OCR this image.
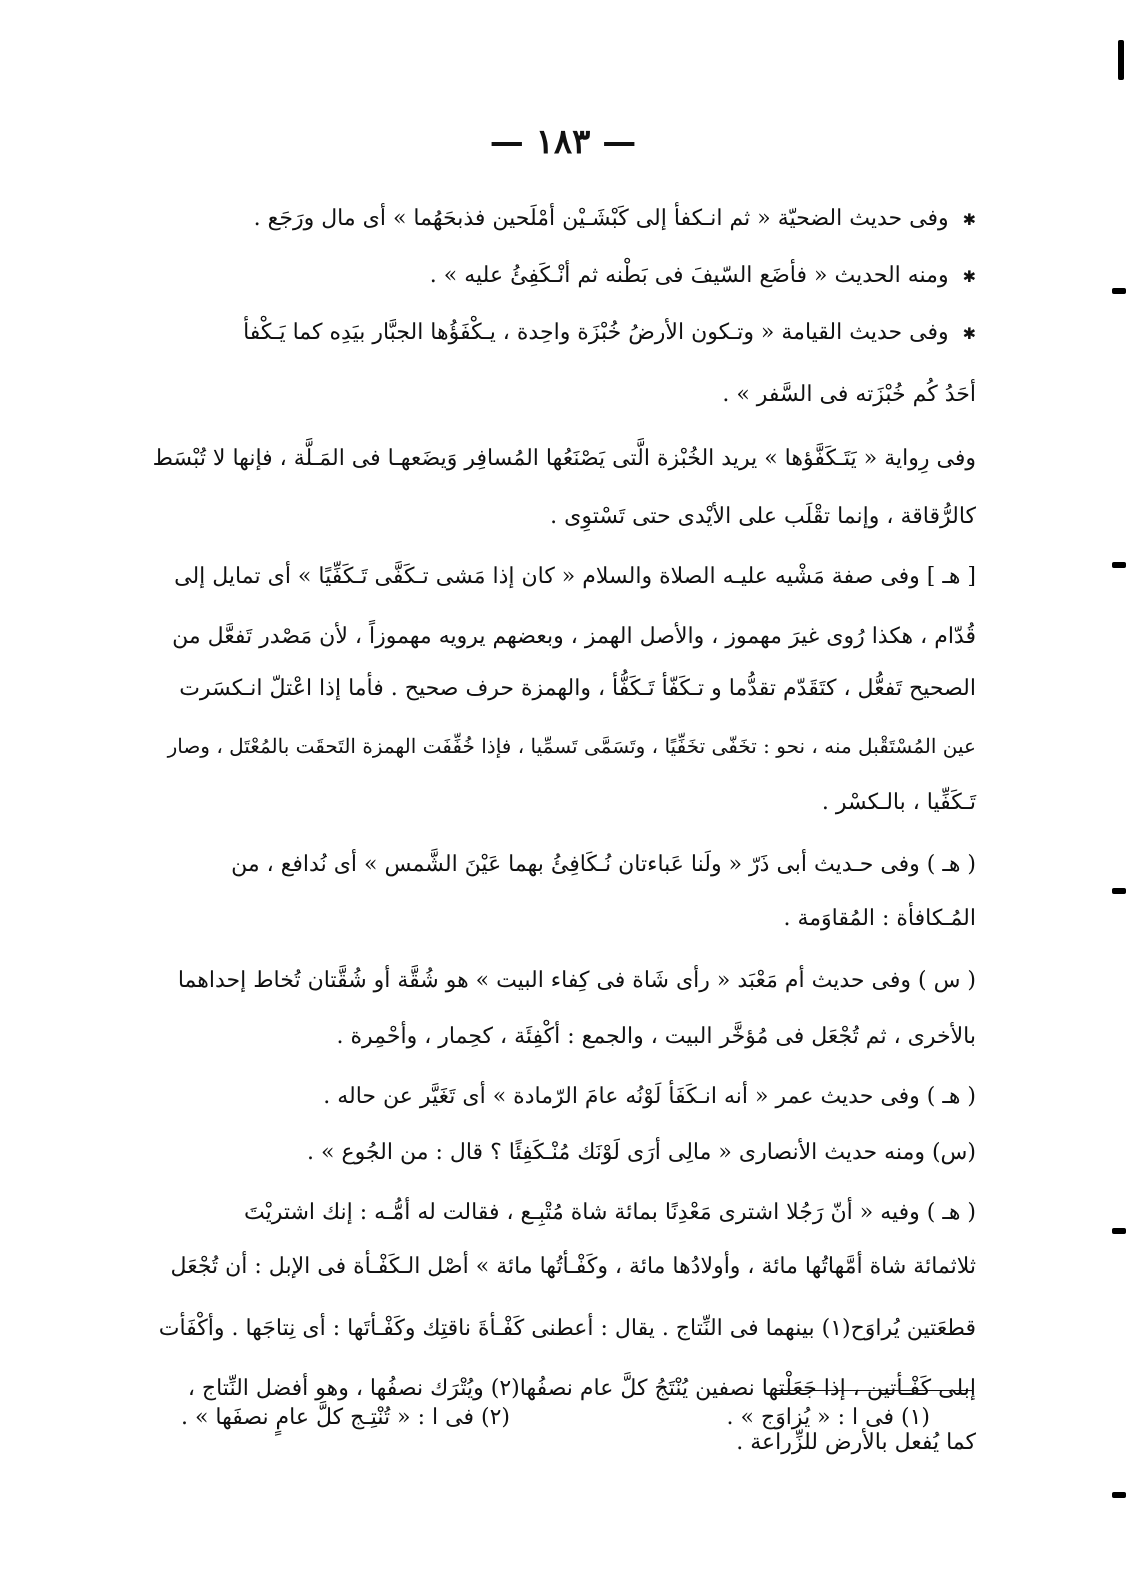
— ١٨٣ —
✱وفى حديث الضحيّة « ثم انـكفأ إلى كَبْشَـيْن أمْلَحين فذبحَهُما » أى مال ورَجَع .
✱ومنه الحديث « فأضَع السّيفَ فى بَطْنه ثم أنْـكَفِئُ عليه » .
✱وفى حديث القيامة « وتـكون الأرضُ خُبْزَة واحِدة ، يـكْفَؤُها الجبَّار بيَدِه كما يَـكْفأ
أحَدُ كُم خُبْزَته فى السَّفر » .
وفى رِواية « يَتَـكَفَّؤها » يريد الخُبْزة الَّتى يَصْنَعُها المُسافِر وَيضَعهـا فى المَـلَّة ، فإنها لا تُبْسَط
كالرُّقاقة ، وإنما تقْلَب على الأيْدى حتى تَسْتوِى .
[ هـ ] وفى صفة مَشْيه عليـه الصلاة والسلام « كان إذا مَشى تـكَفَّى تَـكَفِّيًا » أى تمايل إلى
قُدّام ، هكذا رُوى غيرَ مهموز ، والأصل الهمز ، وبعضهم يرويه مهموزاً ، لأن مَصْدر تَفعَّل من
الصحيح تَفعُّل ، كتَقَدّم تقدُّما و تـكَفّأ تَـكَفُّأ ، والهمزة حرف صحيح . فأما إذا اعْتلّ انـكسَرت
عين المُسْتَقْبل منه ، نحو : تخَفّى تخَفِّيًا ، وتَسَمَّى تَسمِّيا ، فإذا خُفِّفَت الهمزة التَحقَت بالمُعْتَل ، وصار
تَـكَفِّيا ، بالـكسْر .
( هـ ) وفى حـديث أبى ذَرّ « ولَنا عَباءتان نُـكَافِئُ بهما عَيْنَ الشَّمس » أى نُدافع ، من
المُـكافأة : المُقاوَمة .
( س ) وفى حديث أم مَعْبَد « رأى شَاة فى كِفاء البيت » هو شُقَّة أو شُقَّتان تُخاط إحداهما
بالأخرى ، ثم تُجْعَل فى مُؤخَّر البيت ، والجمع : أكْفِئَة ، كحِمار ، وأحْمِرة .
( هـ ) وفى حديث عمر « أنه انـكَفَأ لَوْنُه عامَ الرّمادة » أى تَغَيَّر عن حاله .
(س) ومنه حديث الأنصارى « مالِى أرَى لَوْنَك مُنْـكَفِئًا ؟ قال : من الجُوع » .
( هـ ) وفيه « أنّ رَجُلا اشترى مَعْدِنًا بمائة شاة مُتْبِـع ، فقالت له أمُّـه : إنك اشتريْتَ
ثلاثمائة شاة أمَّهاتُها مائة ، وأولادُها مائة ، وكَفْـأتُها مائة » أصْل الـكَفْـأة فى الإبل : أن تُجْعَل
قطعَتين يُراوَح(١) بينهما فى النِّتاج . يقال : أعطنى كَفْـأةَ ناقتِك وكَفْـأتَها : أى نِتاجَها . وأكْفَأت
إبلى كَفْـأتين ، إذا جَعَلْتها نصفين يُنْتَجُ كلَّ عام نصفُها(٢) ويُتْرَك نصفُها ، وهو أفضل النِّتاج ،
كما يُفعل بالأرض للزِّراعة .
(١) فى ا : « يُزاوَج » .
(٢) فى ا : « تُنْتِـج كلَّ عامٍ نصفَها » .
